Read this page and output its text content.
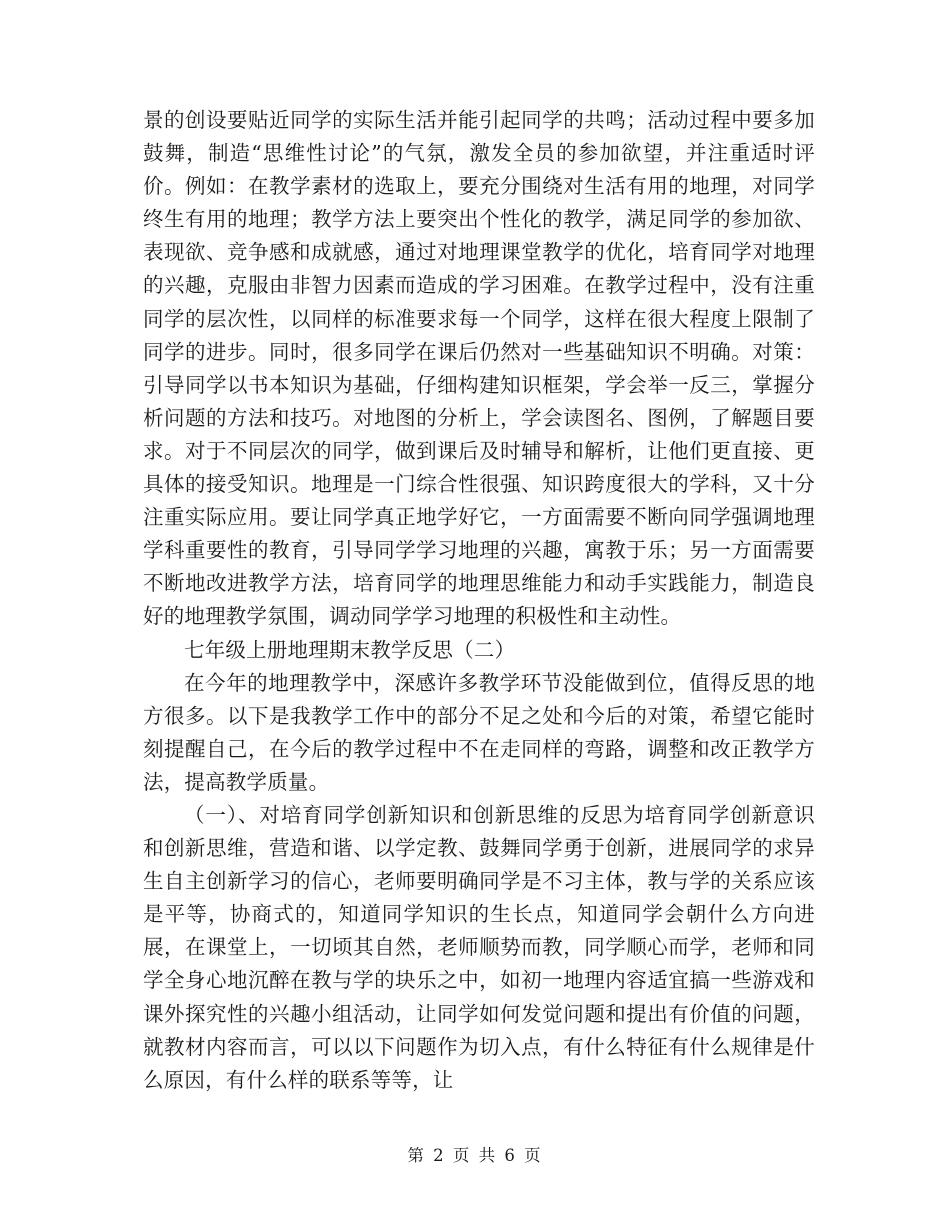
景的创设要贴近同学的实际生活并能引起同学的共鸣；活动过程中要多加鼓舞，制造“思维性讨论”的气氛，激发全员的参加欲望，并注重适时评价。例如：在教学素材的选取上，要充分围绕对生活有用的地理，对同学终生有用的地理；教学方法上要突出个性化的教学，满足同学的参加欲、表现欲、竞争感和成就感，通过对地理课堂教学的优化，培育同学对地理的兴趣，克服由非智力因素而造成的学习困难。在教学过程中，没有注重同学的层次性，以同样的标准要求每一个同学，这样在很大程度上限制了同学的进步。同时，很多同学在课后仍然对一些基础知识不明确。对策：引导同学以书本知识为基础，仔细构建知识框架，学会举一反三，掌握分析问题的方法和技巧。对地图的分析上，学会读图名、图例，了解题目要求。对于不同层次的同学，做到课后及时辅导和解析，让他们更直接、更具体的接受知识。地理是一门综合性很强、知识跨度很大的学科，又十分注重实际应用。要让同学真正地学好它，一方面需要不断向同学强调地理学科重要性的教育，引导同学学习地理的兴趣，寓教于乐；另一方面需要不断地改进教学方法，培育同学的地理思维能力和动手实践能力，制造良好的地理教学氛围，调动同学学习地理的积极性和主动性。

七年级上册地理期末教学反思（二）

在今年的地理教学中，深感许多教学环节没能做到位，值得反思的地方很多。以下是我教学工作中的部分不足之处和今后的对策，希望它能时刻提醒自己，在今后的教学过程中不在走同样的弯路，调整和改正教学方法，提高教学质量。

（一）、对培育同学创新知识和创新思维的反思为培育同学创新意识和创新思维，营造和谐、以学定教、鼓舞同学勇于创新，进展同学的求异生自主创新学习的信心，老师要明确同学是不习主体，教与学的关系应该是平等，协商式的，知道同学知识的生长点，知道同学会朝什么方向进展，在课堂上，一切顷其自然，老师顺势而教，同学顺心而学，老师和同学全身心地沉醉在教与学的块乐之中，如初一地理内容适宜搞一些游戏和课外探究性的兴趣小组活动，让同学如何发觉问题和提出有价值的问题，就教材内容而言，可以以下问题作为切入点，有什么特征有什么规律是什么原因，有什么样的联系等等，让

第 2 页 共 6 页
